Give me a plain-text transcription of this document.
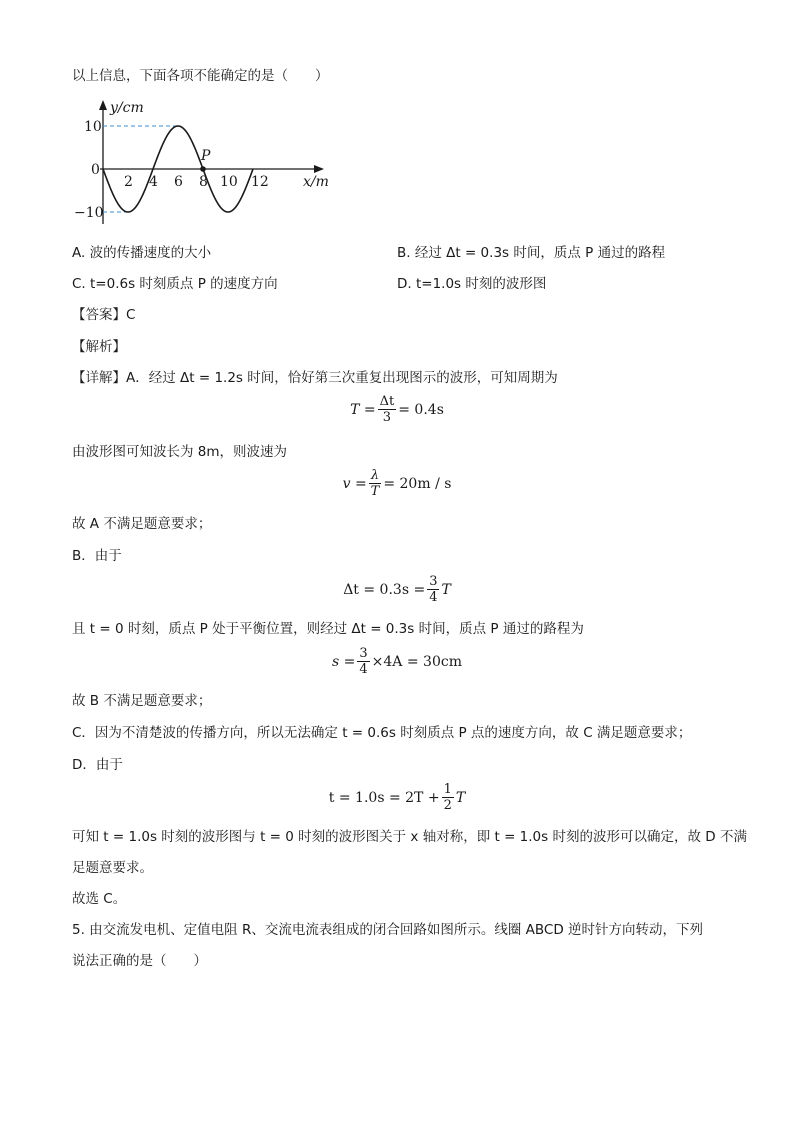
以上信息，下面各项不能确定的是（　　）
P
y/cm
x/m
10
0
−10
2 4 6 8 10 12
A. 波的传播速度的大小	B. 经过 Δt = 0.3s 时间，质点 P 通过的路程
C. t=0.6s 时刻质点 P 的速度方向	D. t=1.0s 时刻的波形图
【答案】C
【解析】
【详解】A．经过 Δt = 1.2s 时间，恰好第三次重复出现图示的波形，可知周期为
$T = \frac{\Delta t}{3} = 0.4s$
由波形图可知波长为 8m，则波速为
$v = \frac{\lambda}{T} = 20m / s$
故 A 不满足题意要求；
B．由于
$\Delta t = 0.3s = \frac{3}{4}$ T
且 t = 0 时刻，质点 P 处于平衡位置，则经过 Δt = 0.3s 时间，质点 P 通过的路程为
$s = \frac{3}{4} \times 4A = 30cm$
故 B 不满足题意要求；
C．因为不清楚波的传播方向，所以无法确定 t = 0.6s 时刻质点 P 点的速度方向，故 C 满足题意要求；
D．由于
$t = 1.0s = 2T + \frac{1}{2}$ T
可知 t = 1.0s 时刻的波形图与 t = 0 时刻的波形图关于 x 轴对称，即 t = 1.0s 时刻的波形可以确定，故 D 不满
足题意要求。
故选 C。
5. 由交流发电机、定值电阻 R、交流电流表组成的闭合回路如图所示。线圈 ABCD 逆时针方向转动，下列
说法正确的是（　　）
